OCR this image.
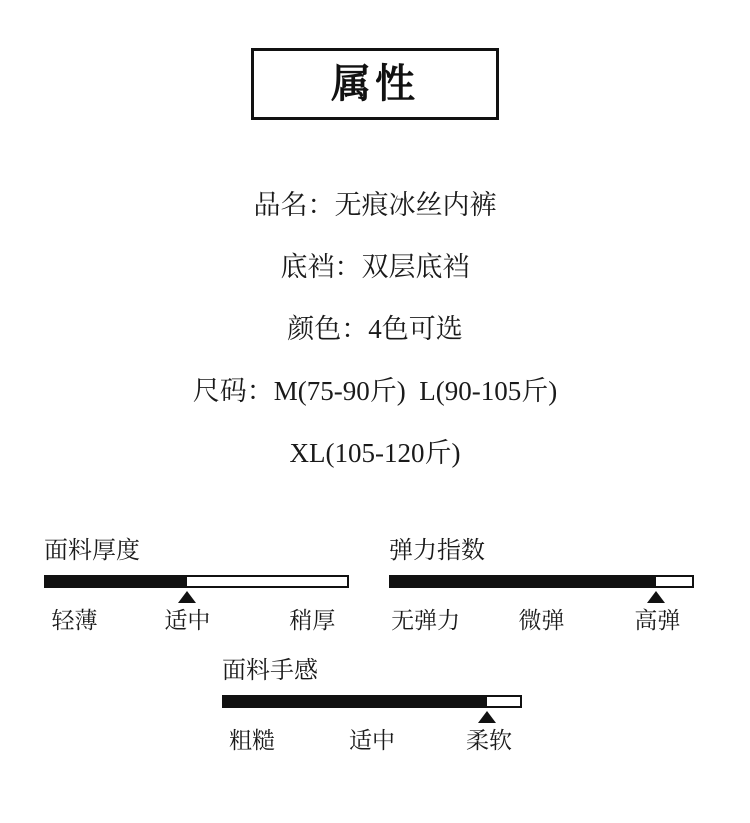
属性
品名：无痕冰丝内裤
底裆：双层底裆
颜色：4色可选
尺码：M(75-90斤)  L(90-105斤)
XL(105-120斤)
面料厚度
轻薄	适中	稍厚
弹力指数
无弹力	微弹	高弹
面料手感
粗糙	适中	柔软
